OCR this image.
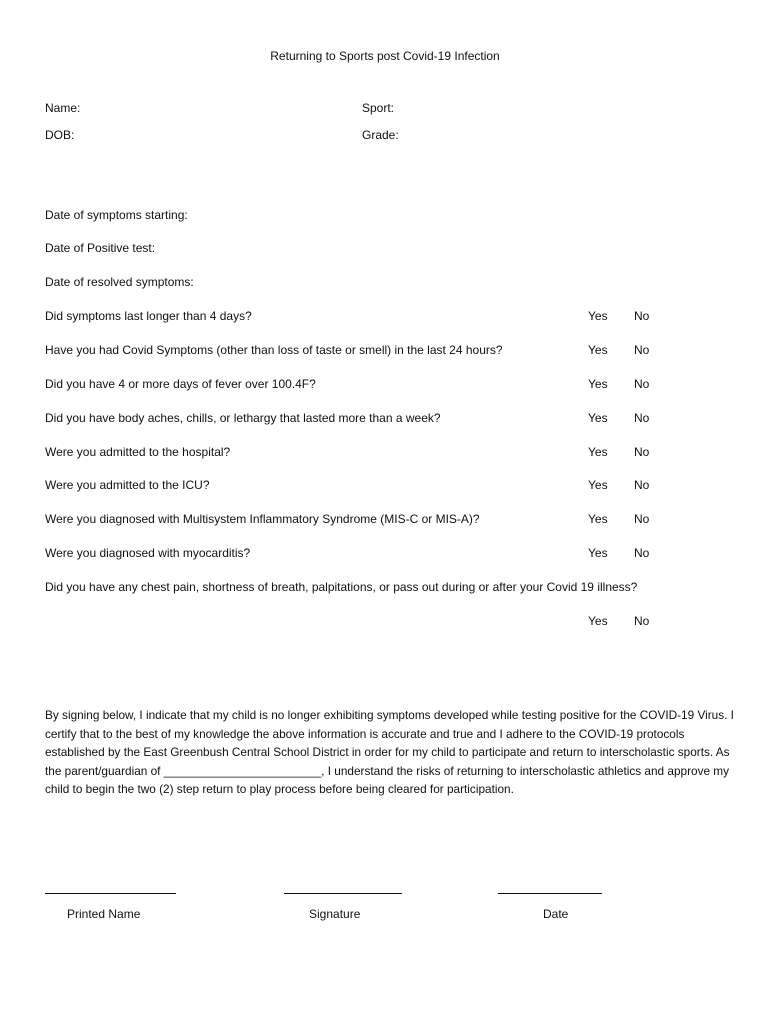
Returning to Sports post Covid-19 Infection
Name:	Sport:
DOB:	Grade:
Date of symptoms starting:
Date of Positive test:
Date of resolved symptoms:
Did symptoms last longer than 4 days?	Yes No
Have you had Covid Symptoms (other than loss of taste or smell) in the last 24 hours?	Yes No
Did you have 4 or more days of fever over 100.4F?	Yes No
Did you have body aches, chills, or lethargy that lasted more than a week?	Yes No
Were you admitted to the hospital?	Yes No
Were you admitted to the ICU?	Yes No
Were you diagnosed with Multisystem Inflammatory Syndrome (MIS-C or MIS-A)?	Yes No
Were you diagnosed with myocarditis?	Yes No
Did you have any chest pain, shortness of breath, palpitations, or pass out during or after your Covid 19 illness?
Yes No
By signing below, I indicate that my child is no longer exhibiting symptoms developed while testing positive for the COVID-19 Virus. I certify that to the best of my knowledge the above information is accurate and true and I adhere to the COVID-19 protocols established by the East Greenbush Central School District in order for my child to participate and return to interscholastic sports. As the parent/guardian of ________________________, I understand the risks of returning to interscholastic athletics and approve my child to begin the two (2) step return to play process before being cleared for participation.
Printed Name	Signature	Date
